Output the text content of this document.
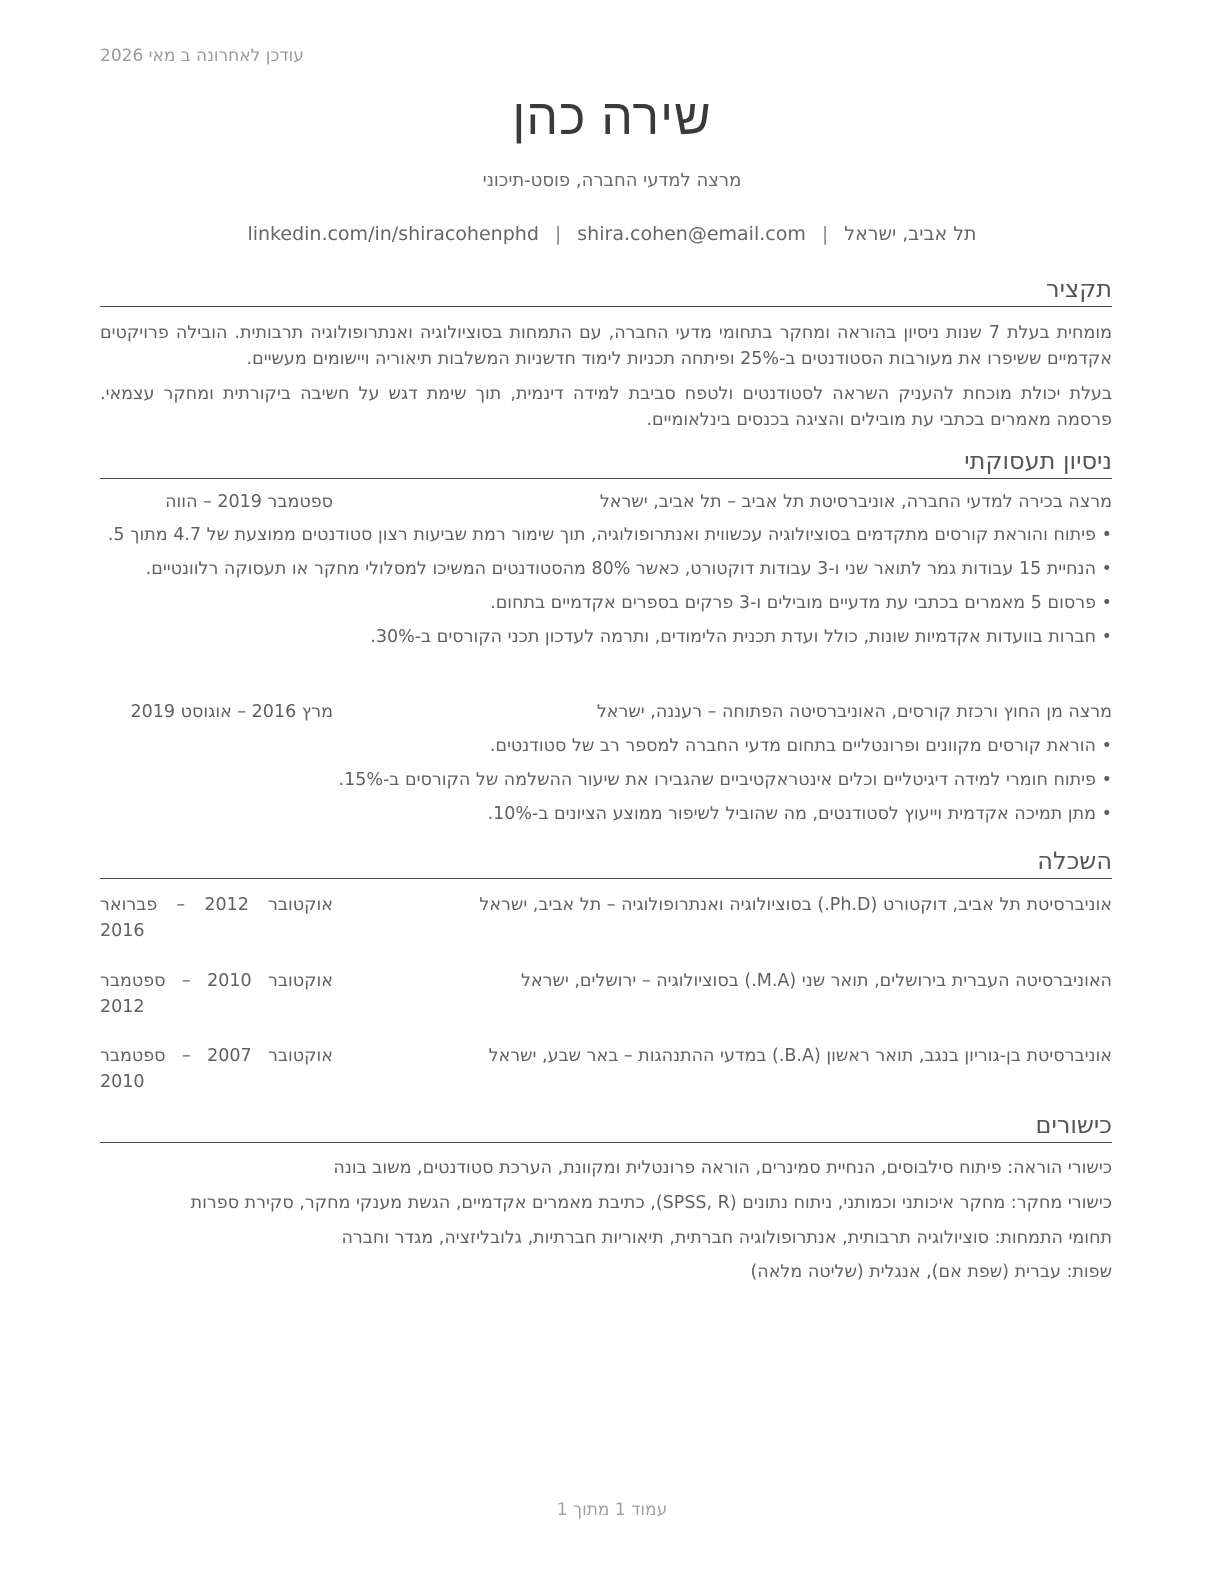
עודכן לאחרונה ב מאי 2026
שירה כהן
מרצה למדעי החברה, פוסט-תיכוני
תל אביב, ישראל|shira.cohen@email.com|linkedin.com/in/shiracohenphd
תקציר

מומחית בעלת 7 שנות ניסיון בהוראה ומחקר בתחומי מדעי החברה, עם התמחות בסוציולוגיה ואנתרופולוגיה תרבותית. הובילה פרויקטים אקדמיים ששיפרו את מעורבות הסטודנטים ב-25% ופיתחה תכניות לימוד חדשניות המשלבות תיאוריה ויישומים מעשיים.

בעלת יכולת מוכחת להעניק השראה לסטודנטים ולטפח סביבת למידה דינמית, תוך שימת דגש על חשיבה ביקורתית ומחקר עצמאי. פרסמה מאמרים בכתבי עת מובילים והציגה בכנסים בינלאומיים.

ניסיון תעסוקתי
מרצה בכירה למדעי החברה, אוניברסיטת תל אביב – תל אביב, ישראל
ספטמבר 2019 – הווה
• פיתוח והוראת קורסים מתקדמים בסוציולוגיה עכשווית ואנתרופולוגיה, תוך שימור רמת שביעות רצון סטודנטים ממוצעת של 4.7 מתוך 5.
• הנחיית 15 עבודות גמר לתואר שני ו-3 עבודות דוקטורט, כאשר 80% מהסטודנטים המשיכו למסלולי מחקר או תעסוקה רלוונטיים.
• פרסום 5 מאמרים בכתבי עת מדעיים מובילים ו-3 פרקים בספרים אקדמיים בתחום.
• חברות בוועדות אקדמיות שונות, כולל ועדת תכנית הלימודים, ותרמה לעדכון תכני הקורסים ב-30%.
מרצה מן החוץ ורכזת קורסים, האוניברסיטה הפתוחה – רעננה, ישראל
מרץ 2016 – אוגוסט 2019
• הוראת קורסים מקוונים ופרונטליים בתחום מדעי החברה למספר רב של סטודנטים.
• פיתוח חומרי למידה דיגיטליים וכלים אינטראקטיביים שהגבירו את שיעור ההשלמה של הקורסים ב-15%.
• מתן תמיכה אקדמית וייעוץ לסטודנטים, מה שהוביל לשיפור ממוצע הציונים ב-10%.
השכלה
אוניברסיטת תל אביב, דוקטורט (Ph.D.) בסוציולוגיה ואנתרופולוגיה – תל אביב, ישראל
אוקטובר 2012 – פברואר 2016
האוניברסיטה העברית בירושלים, תואר שני (M.A.) בסוציולוגיה – ירושלים, ישראל
אוקטובר 2010 – ספטמבר 2012
אוניברסיטת בן-גוריון בנגב, תואר ראשון (B.A.) במדעי ההתנהגות – באר שבע, ישראל
אוקטובר 2007 – ספטמבר 2010
כישורים
כישורי הוראה: פיתוח סילבוסים, הנחיית סמינרים, הוראה פרונטלית ומקוונת, הערכת סטודנטים, משוב בונה
כישורי מחקר: מחקר איכותני וכמותני, ניתוח נתונים (SPSS, R), כתיבת מאמרים אקדמיים, הגשת מענקי מחקר, סקירת ספרות
תחומי התמחות: סוציולוגיה תרבותית, אנתרופולוגיה חברתית, תיאוריות חברתיות, גלובליזציה, מגדר וחברה
שפות: עברית (שפת אם), אנגלית (שליטה מלאה)
עמוד 1 מתוך 1
